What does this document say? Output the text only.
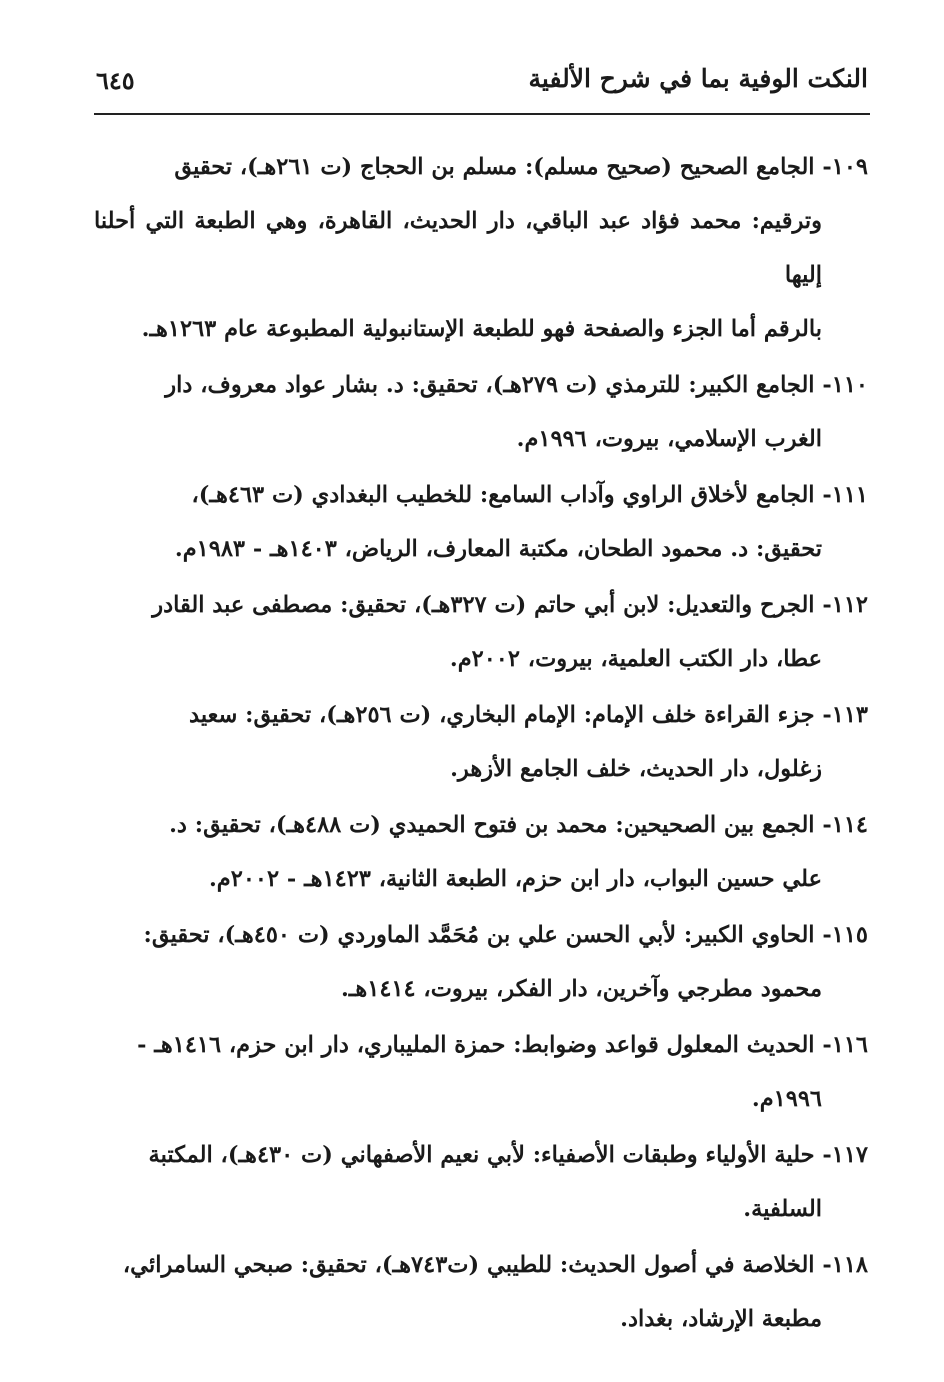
النكت الوفية بما في شرح الألفية
٦٤٥
١٠٩- الجامع الصحيح (صحيح مسلم): مسلم بن الحجاج (ت ٢٦١هـ)، تحقيق
وترقيم: محمد فؤاد عبد الباقي، دار الحديث، القاهرة، وهي الطبعة التي أحلنا إليها
بالرقم أما الجزء والصفحة فهو للطبعة الإستانبولية المطبوعة عام ١٢٦٣هـ.
١١٠- الجامع الكبير: للترمذي (ت ٢٧٩هـ)، تحقيق: د. بشار عواد معروف، دار
الغرب الإسلامي، بيروت، ١٩٩٦م.
١١١- الجامع لأخلاق الراوي وآداب السامع: للخطيب البغدادي (ت ٤٦٣هـ)،
تحقيق: د. محمود الطحان، مكتبة المعارف، الرياض، ١٤٠٣هـ - ١٩٨٣م.
١١٢- الجرح والتعديل: لابن أبي حاتم (ت ٣٢٧هـ)، تحقيق: مصطفى عبد القادر
عطا، دار الكتب العلمية، بيروت، ٢٠٠٢م.
١١٣- جزء القراءة خلف الإمام: الإمام البخاري، (ت ٢٥٦هـ)، تحقيق: سعيد
زغلول، دار الحديث، خلف الجامع الأزهر.
١١٤- الجمع بين الصحيحين: محمد بن فتوح الحميدي (ت ٤٨٨هـ)، تحقيق: د.
علي حسين البواب، دار ابن حزم، الطبعة الثانية، ١٤٢٣هـ - ٢٠٠٢م.
١١٥- الحاوي الكبير: لأبي الحسن علي بن مُحَمَّد الماوردي (ت ٤٥٠هـ)، تحقيق:
محمود مطرجي وآخرين، دار الفكر، بيروت، ١٤١٤هـ.
١١٦- الحديث المعلول قواعد وضوابط: حمزة المليباري، دار ابن حزم، ١٤١٦هـ -
١٩٩٦م.
١١٧- حلية الأولياء وطبقات الأصفياء: لأبي نعيم الأصفهاني (ت ٤٣٠هـ)، المكتبة
السلفية.
١١٨- الخلاصة في أصول الحديث: للطيبي (ت٧٤٣هـ)، تحقيق: صبحي السامرائي،
مطبعة الإرشاد، بغداد.
